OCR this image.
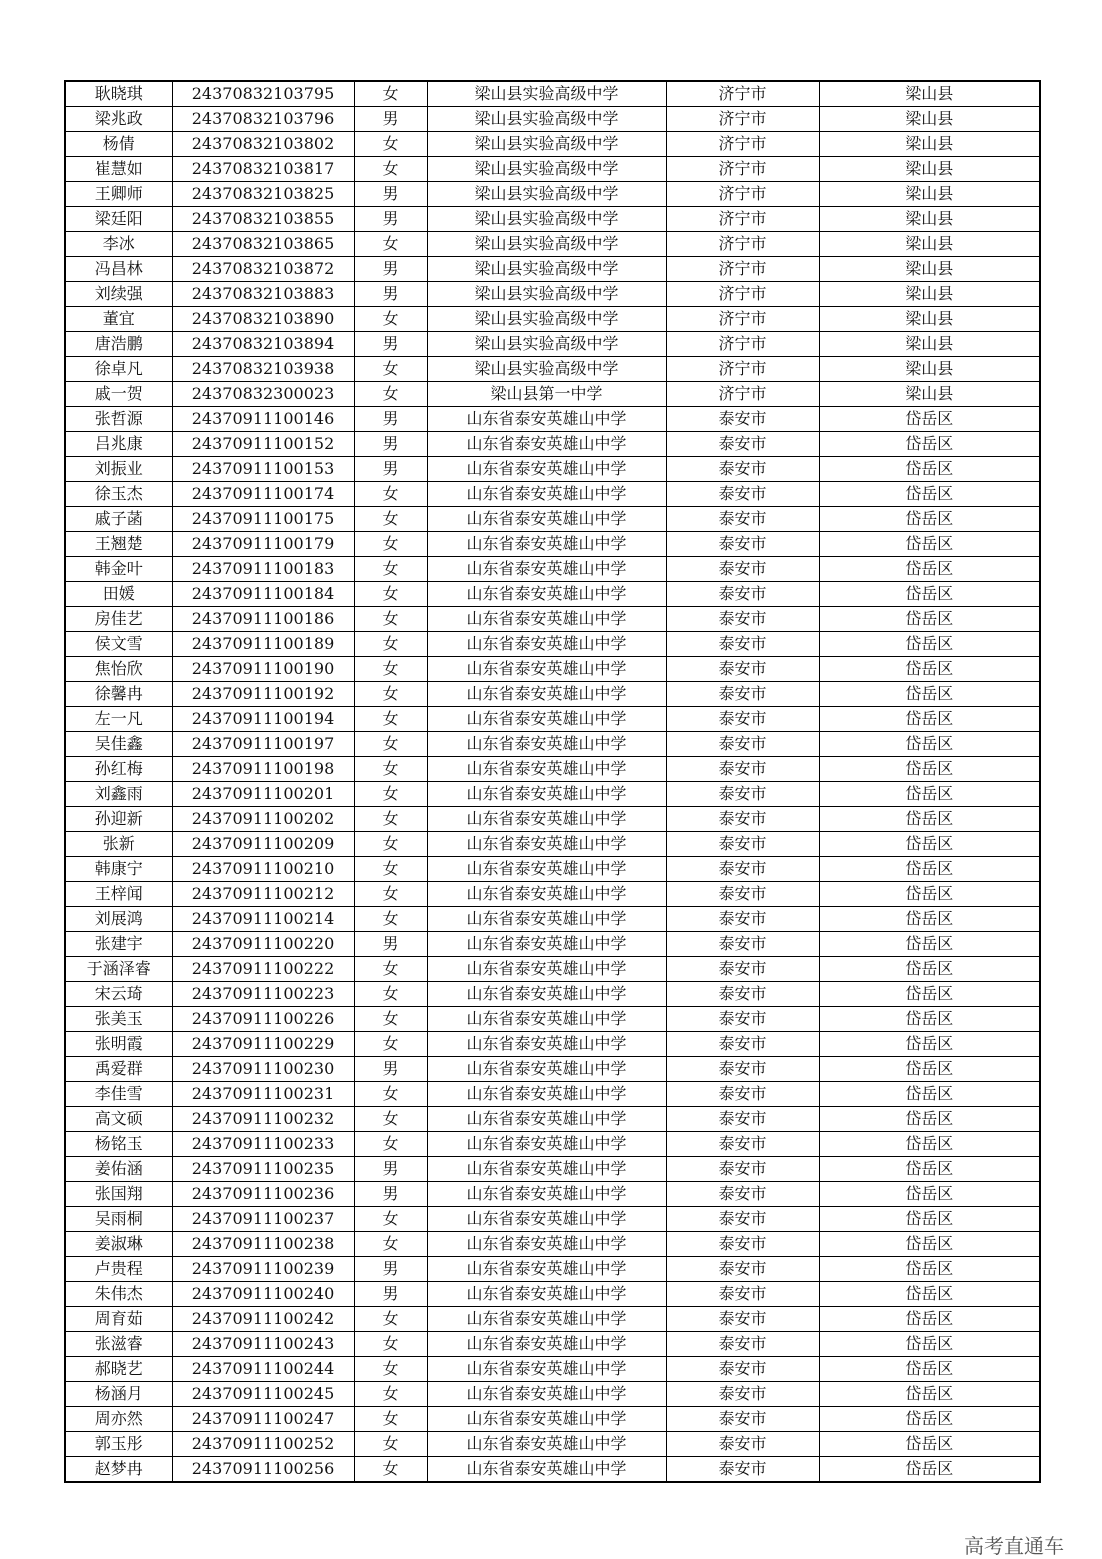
耿晓琪	24370832103795	女	梁山县实验高级中学	济宁市	梁山县
梁兆政	24370832103796	男	梁山县实验高级中学	济宁市	梁山县
杨倩	24370832103802	女	梁山县实验高级中学	济宁市	梁山县
崔慧如	24370832103817	女	梁山县实验高级中学	济宁市	梁山县
王卿师	24370832103825	男	梁山县实验高级中学	济宁市	梁山县
梁廷阳	24370832103855	男	梁山县实验高级中学	济宁市	梁山县
李冰	24370832103865	女	梁山县实验高级中学	济宁市	梁山县
冯昌林	24370832103872	男	梁山县实验高级中学	济宁市	梁山县
刘续强	24370832103883	男	梁山县实验高级中学	济宁市	梁山县
董宜	24370832103890	女	梁山县实验高级中学	济宁市	梁山县
唐浩鹏	24370832103894	男	梁山县实验高级中学	济宁市	梁山县
徐卓凡	24370832103938	女	梁山县实验高级中学	济宁市	梁山县
戚一贺	24370832300023	女	梁山县第一中学	济宁市	梁山县
张哲源	24370911100146	男	山东省泰安英雄山中学	泰安市	岱岳区
吕兆康	24370911100152	男	山东省泰安英雄山中学	泰安市	岱岳区
刘振业	24370911100153	男	山东省泰安英雄山中学	泰安市	岱岳区
徐玉杰	24370911100174	女	山东省泰安英雄山中学	泰安市	岱岳区
戚子菡	24370911100175	女	山东省泰安英雄山中学	泰安市	岱岳区
王翘楚	24370911100179	女	山东省泰安英雄山中学	泰安市	岱岳区
韩金叶	24370911100183	女	山东省泰安英雄山中学	泰安市	岱岳区
田媛	24370911100184	女	山东省泰安英雄山中学	泰安市	岱岳区
房佳艺	24370911100186	女	山东省泰安英雄山中学	泰安市	岱岳区
侯文雪	24370911100189	女	山东省泰安英雄山中学	泰安市	岱岳区
焦怡欣	24370911100190	女	山东省泰安英雄山中学	泰安市	岱岳区
徐馨冉	24370911100192	女	山东省泰安英雄山中学	泰安市	岱岳区
左一凡	24370911100194	女	山东省泰安英雄山中学	泰安市	岱岳区
吴佳鑫	24370911100197	女	山东省泰安英雄山中学	泰安市	岱岳区
孙红梅	24370911100198	女	山东省泰安英雄山中学	泰安市	岱岳区
刘鑫雨	24370911100201	女	山东省泰安英雄山中学	泰安市	岱岳区
孙迎新	24370911100202	女	山东省泰安英雄山中学	泰安市	岱岳区
张新	24370911100209	女	山东省泰安英雄山中学	泰安市	岱岳区
韩康宁	24370911100210	女	山东省泰安英雄山中学	泰安市	岱岳区
王梓闻	24370911100212	女	山东省泰安英雄山中学	泰安市	岱岳区
刘展鸿	24370911100214	女	山东省泰安英雄山中学	泰安市	岱岳区
张建宇	24370911100220	男	山东省泰安英雄山中学	泰安市	岱岳区
于涵泽睿	24370911100222	女	山东省泰安英雄山中学	泰安市	岱岳区
宋云琦	24370911100223	女	山东省泰安英雄山中学	泰安市	岱岳区
张美玉	24370911100226	女	山东省泰安英雄山中学	泰安市	岱岳区
张明霞	24370911100229	女	山东省泰安英雄山中学	泰安市	岱岳区
禹爱群	24370911100230	男	山东省泰安英雄山中学	泰安市	岱岳区
李佳雪	24370911100231	女	山东省泰安英雄山中学	泰安市	岱岳区
高文硕	24370911100232	女	山东省泰安英雄山中学	泰安市	岱岳区
杨铭玉	24370911100233	女	山东省泰安英雄山中学	泰安市	岱岳区
姜佑涵	24370911100235	男	山东省泰安英雄山中学	泰安市	岱岳区
张国翔	24370911100236	男	山东省泰安英雄山中学	泰安市	岱岳区
吴雨桐	24370911100237	女	山东省泰安英雄山中学	泰安市	岱岳区
姜淑琳	24370911100238	女	山东省泰安英雄山中学	泰安市	岱岳区
卢贵程	24370911100239	男	山东省泰安英雄山中学	泰安市	岱岳区
朱伟杰	24370911100240	男	山东省泰安英雄山中学	泰安市	岱岳区
周育茹	24370911100242	女	山东省泰安英雄山中学	泰安市	岱岳区
张滋睿	24370911100243	女	山东省泰安英雄山中学	泰安市	岱岳区
郝晓艺	24370911100244	女	山东省泰安英雄山中学	泰安市	岱岳区
杨涵月	24370911100245	女	山东省泰安英雄山中学	泰安市	岱岳区
周亦然	24370911100247	女	山东省泰安英雄山中学	泰安市	岱岳区
郭玉彤	24370911100252	女	山东省泰安英雄山中学	泰安市	岱岳区
赵梦冉	24370911100256	女	山东省泰安英雄山中学	泰安市	岱岳区
高考直通车
